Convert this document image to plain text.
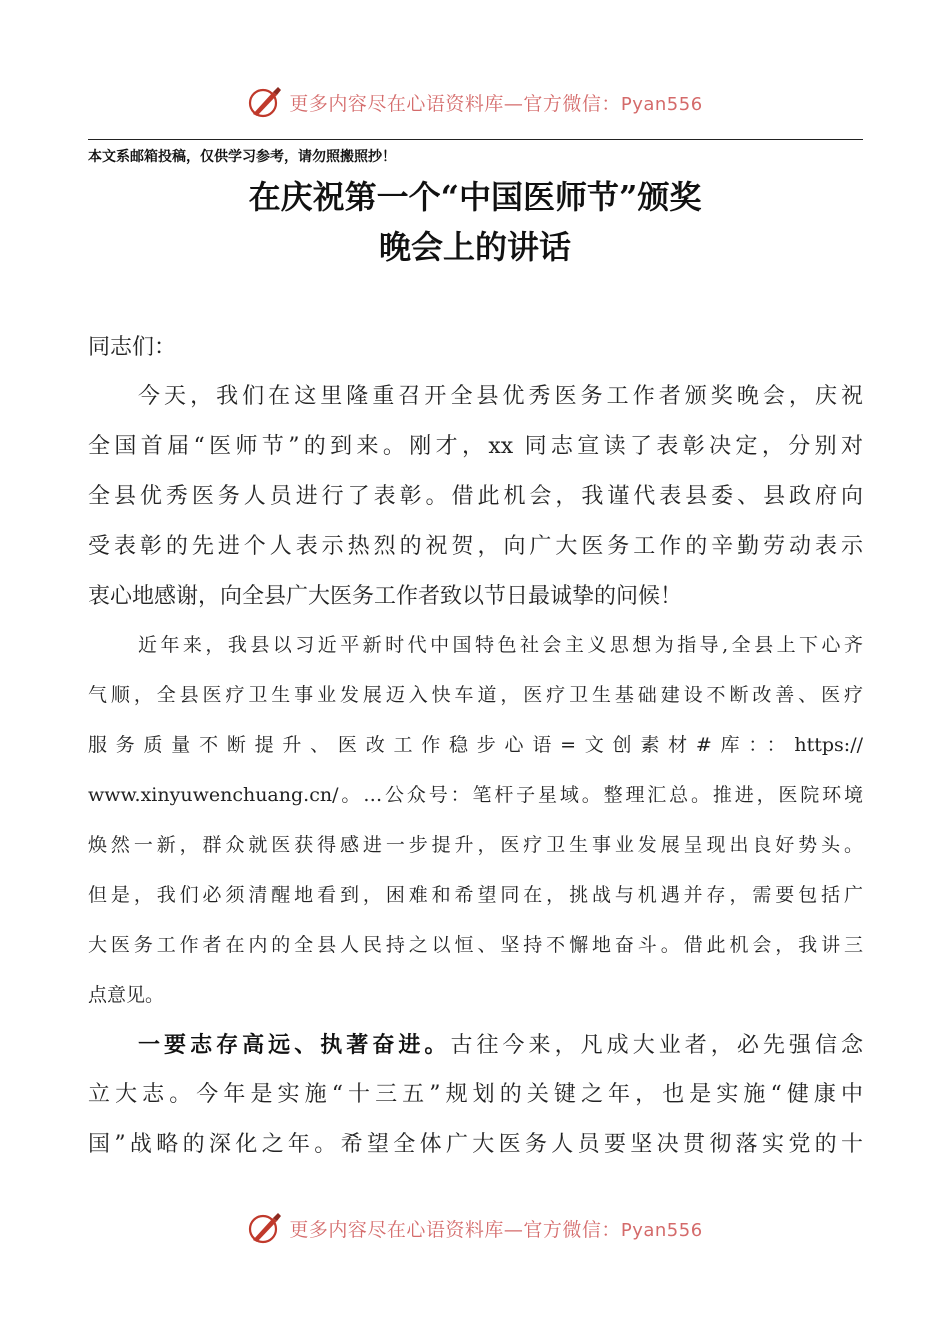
更多内容尽在心语资料库—官方微信：Pyan556
本文系邮箱投稿，仅供学习参考，请勿照搬照抄！
在庆祝第一个“中国医师节”颁奖
晚会上的讲话
同志们：
今天，我们在这里隆重召开全县优秀医务工作者颁奖晚会，庆祝
全国首届“医师节”的到来。刚才，xx 同志宣读了表彰决定，分别对
全县优秀医务人员进行了表彰。借此机会，我谨代表县委、县政府向
受表彰的先进个人表示热烈的祝贺，向广大医务工作的辛勤劳动表示
衷心地感谢，向全县广大医务工作者致以节日最诚挚的问候！
近年来，我县以习近平新时代中国特色社会主义思想为指导,全县上下心齐
气顺，全县医疗卫生事业发展迈入快车道，医疗卫生基础建设不断改善、医疗
服务质量不断提升、医改工作稳步心语=文创素材#库：：https://
www.xinyuwenchuang.cn/。…公众号：笔杆子星域。整理汇总。推进，医院环境
焕然一新，群众就医获得感进一步提升，医疗卫生事业发展呈现出良好势头。
但是，我们必须清醒地看到，困难和希望同在，挑战与机遇并存，需要包括广
大医务工作者在内的全县人民持之以恒、坚持不懈地奋斗。借此机会，我讲三
点意见。
一要志存高远、执著奋进。古往今来，凡成大业者，必先强信念
立大志。今年是实施“十三五”规划的关键之年，也是实施“健康中
国”战略的深化之年。希望全体广大医务人员要坚决贯彻落实党的十
更多内容尽在心语资料库—官方微信：Pyan556
